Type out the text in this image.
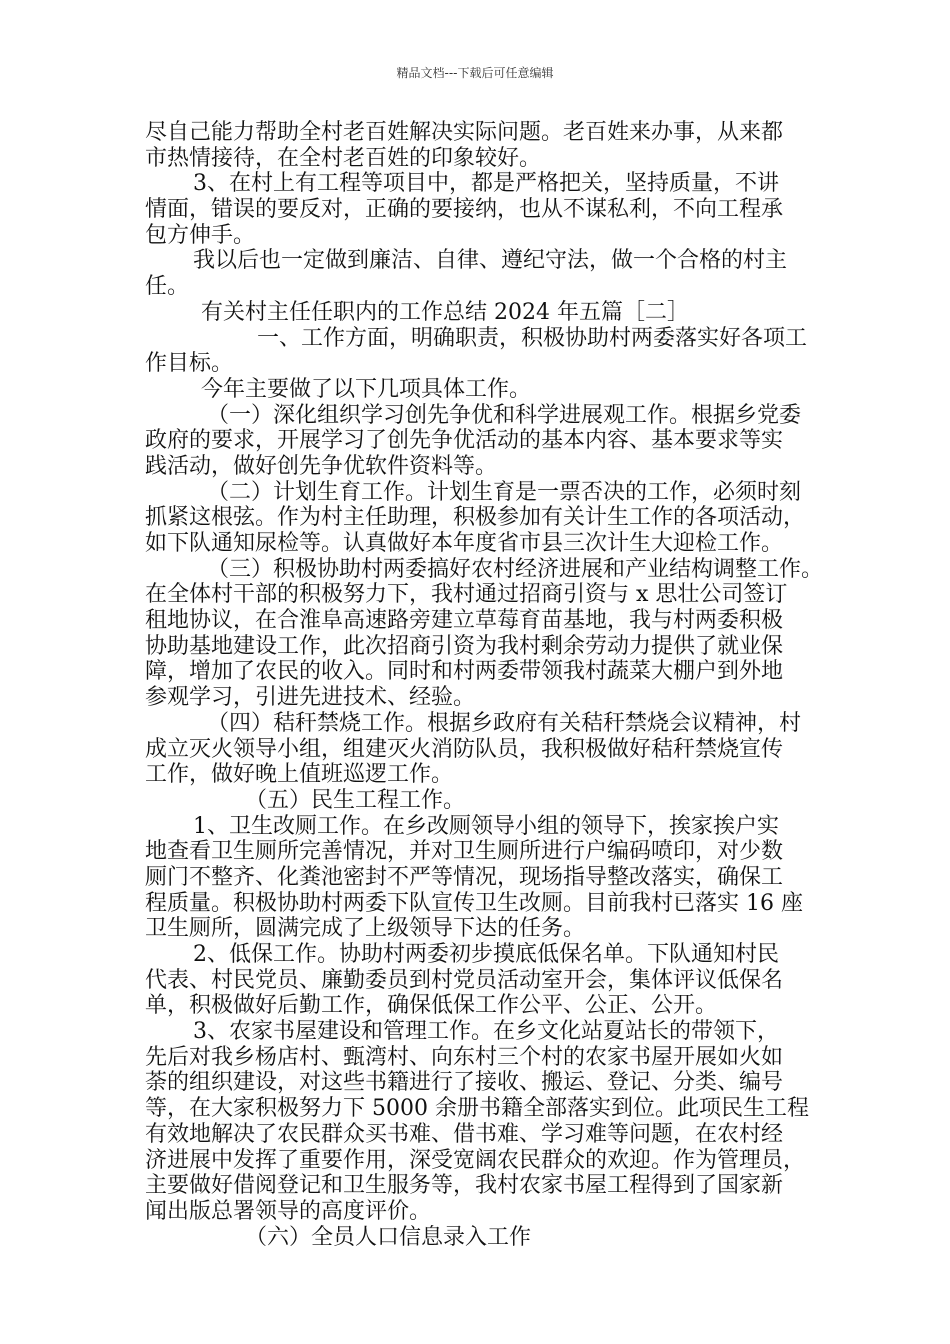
精品文档---下载后可任意编辑
尽自己能力帮助全村老百姓解决实际问题。老百姓来办事，从来都
市热情接待，在全村老百姓的印象较好。
3、在村上有工程等项目中，都是严格把关，坚持质量，不讲
情面，错误的要反对，正确的要接纳，也从不谋私利，不向工程承
包方伸手。
我以后也一定做到廉洁、自律、遵纪守法，做一个合格的村主
任。
有关村主任任职内的工作总结 2024 年五篇［二］
一、工作方面，明确职责，积极协助村两委落实好各项工
作目标。
今年主要做了以下几项具体工作。
（一）深化组织学习创先争优和科学进展观工作。根据乡党委
政府的要求，开展学习了创先争优活动的基本内容、基本要求等实
践活动，做好创先争优软件资料等。
（二）计划生育工作。计划生育是一票否决的工作，必须时刻
抓紧这根弦。作为村主任助理，积极参加有关计生工作的各项活动，
如下队通知尿检等。认真做好本年度省市县三次计生大迎检工作。
（三）积极协助村两委搞好农村经济进展和产业结构调整工作。
在全体村干部的积极努力下，我村通过招商引资与 x 思壮公司签订
租地协议，在合淮阜高速路旁建立草莓育苗基地，我与村两委积极
协助基地建设工作，此次招商引资为我村剩余劳动力提供了就业保
障，增加了农民的收入。同时和村两委带领我村蔬菜大棚户到外地
参观学习，引进先进技术、经验。
（四）秸秆禁烧工作。根据乡政府有关秸秆禁烧会议精神，村
成立灭火领导小组，组建灭火消防队员，我积极做好秸秆禁烧宣传
工作，做好晚上值班巡逻工作。
（五）民生工程工作。
1、卫生改厕工作。在乡改厕领导小组的领导下，挨家挨户实
地查看卫生厕所完善情况，并对卫生厕所进行户编码喷印，对少数
厕门不整齐、化粪池密封不严等情况，现场指导整改落实，确保工
程质量。积极协助村两委下队宣传卫生改厕。目前我村已落实 16 座
卫生厕所，圆满完成了上级领导下达的任务。
2、低保工作。协助村两委初步摸底低保名单。下队通知村民
代表、村民党员、廉勤委员到村党员活动室开会，集体评议低保名
单，积极做好后勤工作，确保低保工作公平、公正、公开。
3、农家书屋建设和管理工作。在乡文化站夏站长的带领下，
先后对我乡杨店村、甄湾村、向东村三个村的农家书屋开展如火如
荼的组织建设，对这些书籍进行了接收、搬运、登记、分类、编号
等，在大家积极努力下 5000 余册书籍全部落实到位。此项民生工程
有效地解决了农民群众买书难、借书难、学习难等问题，在农村经
济进展中发挥了重要作用，深受宽阔农民群众的欢迎。作为管理员，
主要做好借阅登记和卫生服务等，我村农家书屋工程得到了国家新
闻出版总署领导的高度评价。
（六）全员人口信息录入工作
